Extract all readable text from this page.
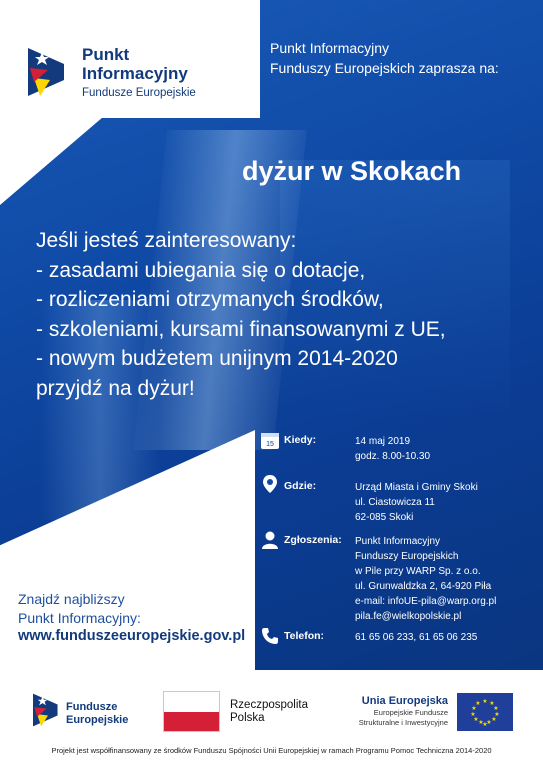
Punkt
Informacyjny
Fundusze Europejskie
Punkt Informacyjny
Funduszy Europejskich zaprasza na:
dyżur w Skokach
Jeśli jesteś zainteresowany:
- zasadami ubiegania się o dotacje,
- rozliczeniami otrzymanych środków,
- szkoleniami, kursami finansowanymi z UE,
- nowym budżetem unijnym 2014-2020
przyjdź na dyżur!
15 Kiedy:	14 maj 2019
godz. 8.00-10.30
Gdzie:	Urząd Miasta i Gminy Skoki
ul. Ciastowicza 11
62-085 Skoki
Zgłoszenia: Punkt Informacyjny
Funduszy Europejskich
w Pile przy WARP Sp. z o.o.
ul. Grunwaldzka 2, 64-920 Piła
e-mail: infoUE-pila@warp.org.pl
pila.fe@wielkopolskie.pl
Telefon:	61 65 06 233, 61 65 06 235
Znajdź najbliższy
Punkt Informacyjny:
www.funduszeeuropejskie.gov.pl
Fundusze
Europejskie
Rzeczpospolita
Polska
Unia Europejska
Europejskie Fundusze
Strukturalne i Inwestycyjne
★ ★
★
★
★
★
★
★
★
★
★
★
Projekt jest współfinansowany ze środków Funduszu Spójności Unii Europejskiej w ramach Programu Pomoc Techniczna 2014-2020
